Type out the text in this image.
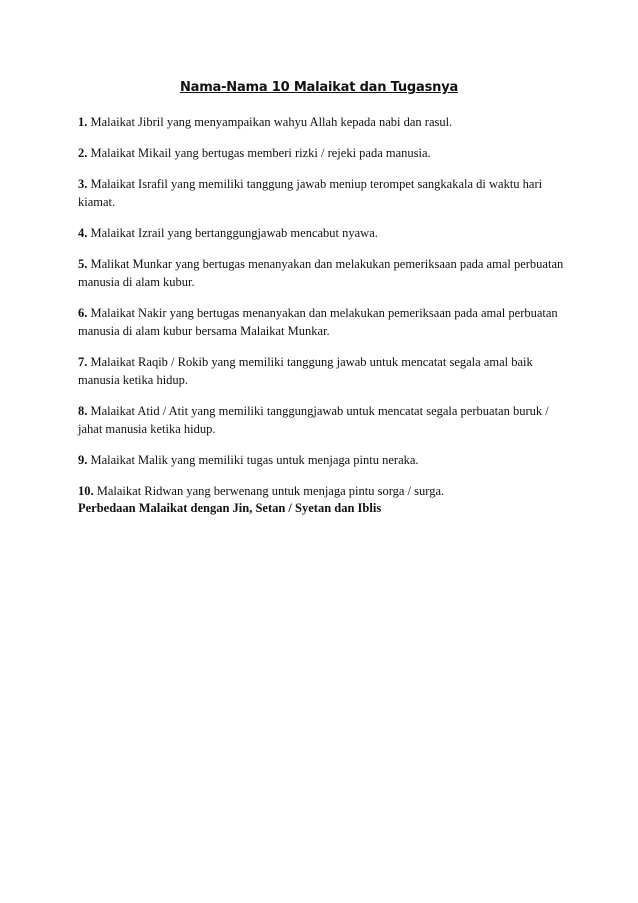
Nama-Nama 10 Malaikat dan Tugasnya

1. Malaikat Jibril yang menyampaikan wahyu Allah kepada nabi dan rasul.

2. Malaikat Mikail yang bertugas memberi rizki / rejeki pada manusia.

3. Malaikat Israfil yang memiliki tanggung jawab meniup terompet sangkakala di waktu hari kiamat.

4. Malaikat Izrail yang bertanggungjawab mencabut nyawa.

5. Malikat Munkar yang bertugas menanyakan dan melakukan pemeriksaan pada amal perbuatan manusia di alam kubur.

6. Malaikat Nakir yang bertugas menanyakan dan melakukan pemeriksaan pada amal perbuatan manusia di alam kubur bersama Malaikat Munkar.

7. Malaikat Raqib / Rokib yang memiliki tanggung jawab untuk mencatat segala amal baik manusia ketika hidup.

8. Malaikat Atid / Atit yang memiliki tanggungjawab untuk mencatat segala perbuatan buruk / jahat manusia ketika hidup.

9. Malaikat Malik yang memiliki tugas untuk menjaga pintu neraka.

10. Malaikat Ridwan yang berwenang untuk menjaga pintu sorga / surga.

Perbedaan Malaikat dengan Jin, Setan / Syetan dan Iblis
